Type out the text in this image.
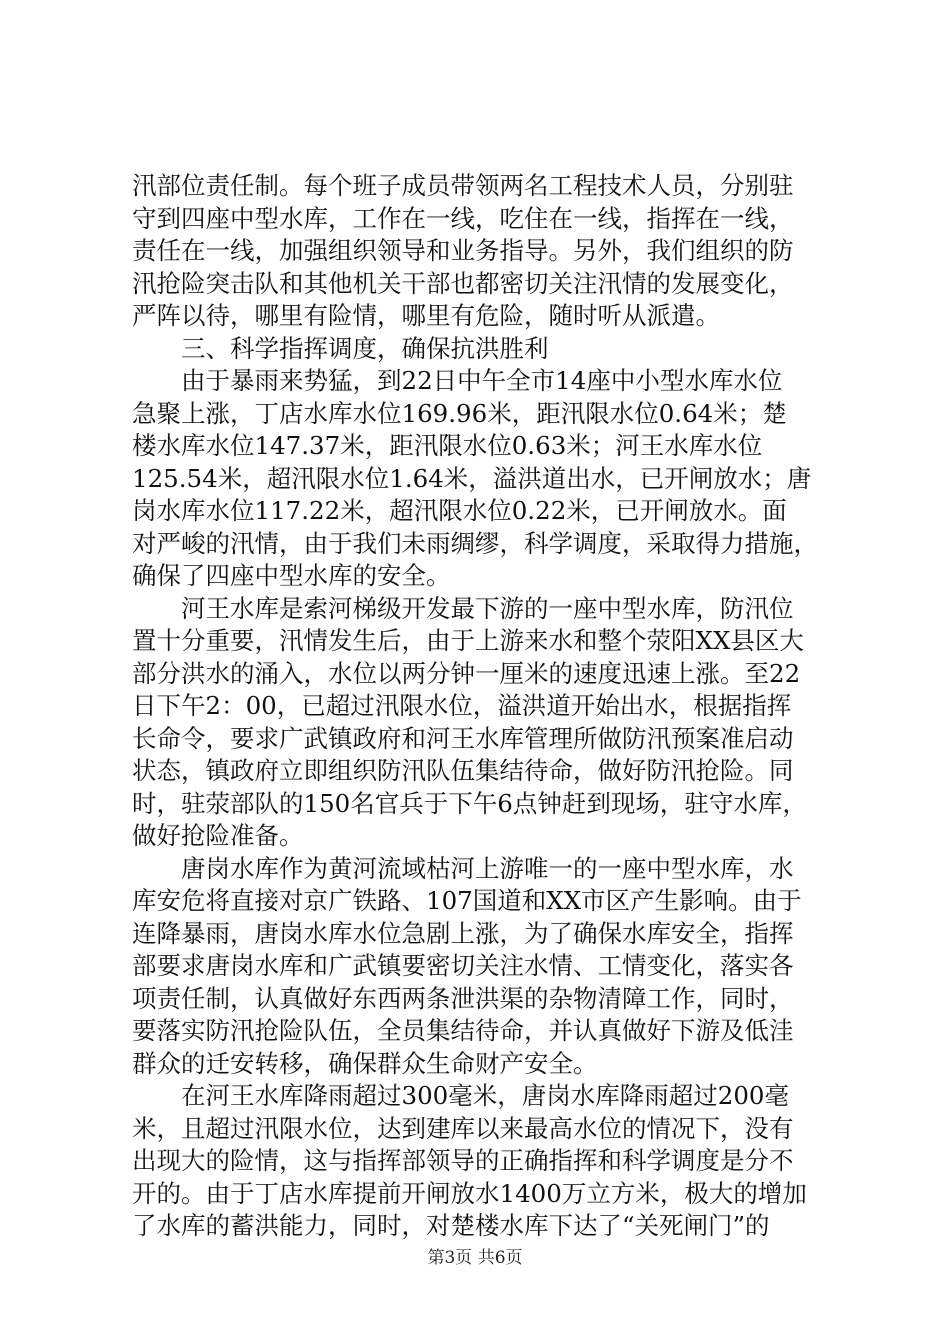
汛部位责任制。每个班子成员带领两名工程技术人员，分别驻
守到四座中型水库，工作在一线，吃住在一线，指挥在一线，
责任在一线，加强组织领导和业务指导。另外，我们组织的防
汛抢险突击队和其他机关干部也都密切关注汛情的发展变化，
严阵以待，哪里有险情，哪里有危险，随时听从派遣。
三、科学指挥调度，确保抗洪胜利
由于暴雨来势猛，到22日中午全市14座中小型水库水位
急聚上涨，丁店水库水位169.96米，距汛限水位0.64米；楚
楼水库水位147.37米，距汛限水位0.63米；河王水库水位
125.54米，超汛限水位1.64米，溢洪道出水，已开闸放水；唐
岗水库水位117.22米，超汛限水位0.22米，已开闸放水。面
对严峻的汛情，由于我们未雨绸缪，科学调度，采取得力措施，
确保了四座中型水库的安全。
河王水库是索河梯级开发最下游的一座中型水库，防汛位
置十分重要，汛情发生后，由于上游来水和整个荥阳XX县区大
部分洪水的涌入，水位以两分钟一厘米的速度迅速上涨。至22
日下午2：00，已超过汛限水位，溢洪道开始出水，根据指挥
长命令，要求广武镇政府和河王水库管理所做防汛预案准启动
状态，镇政府立即组织防汛队伍集结待命，做好防汛抢险。同
时，驻荥部队的150名官兵于下午6点钟赶到现场，驻守水库，
做好抢险准备。
唐岗水库作为黄河流域枯河上游唯一的一座中型水库，水
库安危将直接对京广铁路、107国道和XX市区产生影响。由于
连降暴雨，唐岗水库水位急剧上涨，为了确保水库安全，指挥
部要求唐岗水库和广武镇要密切关注水情、工情变化，落实各
项责任制，认真做好东西两条泄洪渠的杂物清障工作，同时，
要落实防汛抢险队伍，全员集结待命，并认真做好下游及低洼
群众的迁安转移，确保群众生命财产安全。
在河王水库降雨超过300毫米，唐岗水库降雨超过200毫
米，且超过汛限水位，达到建库以来最高水位的情况下，没有
出现大的险情，这与指挥部领导的正确指挥和科学调度是分不
开的。由于丁店水库提前开闸放水1400万立方米，极大的增加
了水库的蓄洪能力，同时，对楚楼水库下达了“关死闸门”的
第3页 共6页
